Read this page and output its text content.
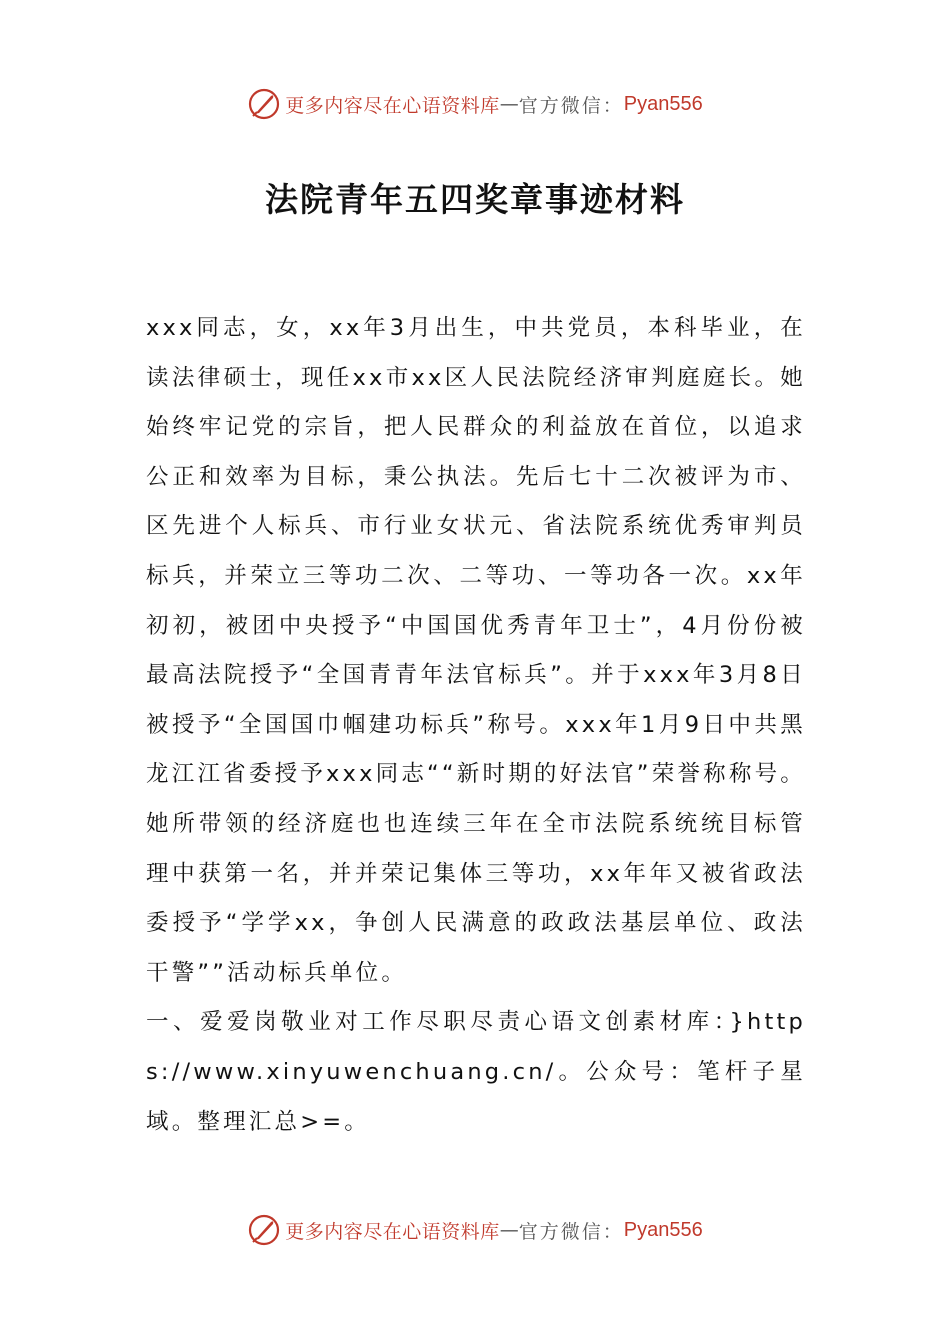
更多内容尽在心语资料库 — 官方微信： Pyan556
法院青年五四奖章事迹材料

xxx同志，女，xx年3月出生，中共党员，本科毕业，在读法律硕士，现任xx市xx区人民法院经济审判庭庭长。她始终牢记党的宗旨，把人民群众的利益放在首位，以追求公正和效率为目标，秉公执法。先后七十二次被评为市、区先进个人标兵、市行业女状元、省法院系统优秀审判员标兵，并荣立三等功二次、二等功、一等功各一次。xx年初初，被团中央授予“中国国优秀青年卫士”，4月份份被最高法院授予“全国青青年法官标兵”。并于xxx年3月8日被授予“全国国巾帼建功标兵”称号。xxx年1月9日中共黑龙江江省委授予xxx同志““新时期的好法官”荣誉称称号。她所带领的经济庭也也连续三年在全市法院系统统目标管理中获第一名，并并荣记集体三等功，xx年年又被省政法委授予“学学xx，争创人民满意的政政法基层单位、政法干警””活动标兵单位。

一、爱爱岗敬业对工作尽职尽责心语文创素材库：}https://www.xinyuwenchuang.cn/。公众号：笔杆子星域。整理汇总>=。

更多内容尽在心语资料库 — 官方微信： Pyan556
